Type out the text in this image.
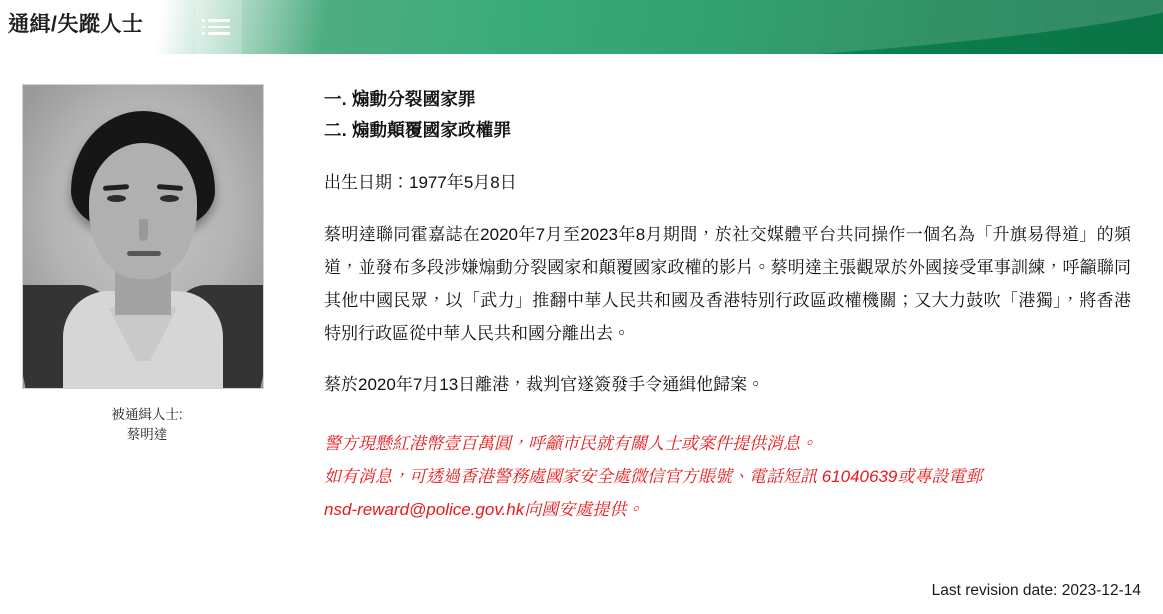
通緝/失蹤人士
被通緝人士:
蔡明達
一. 煽動分裂國家罪
二. 煽動顛覆國家政權罪
出生日期：1977年5月8日
蔡明達聯同霍嘉誌在2020年7月至2023年8月期間，於社交媒體平台共同操作一個名為「升旗易得道」的頻道，並發布多段涉嫌煽動分裂國家和顛覆國家政權的影片。蔡明達主張觀眾於外國接受軍事訓練，呼籲聯同其他中國民眾，以「武力」推翻中華人民共和國及香港特別行政區政權機關；又大力鼓吹「港獨」，將香港特別行政區從中華人民共和國分離出去。
蔡於2020年7月13日離港，裁判官遂簽發手令通緝他歸案。
警方現懸紅港幣壹百萬圓，呼籲市民就有關人士或案件提供消息。
如有消息，可透過香港警務處國家安全處微信官方賬號、電話短訊 61040639或專設電郵
nsd-reward@police.gov.hk向國安處提供。
Last revision date: 2023-12-14
